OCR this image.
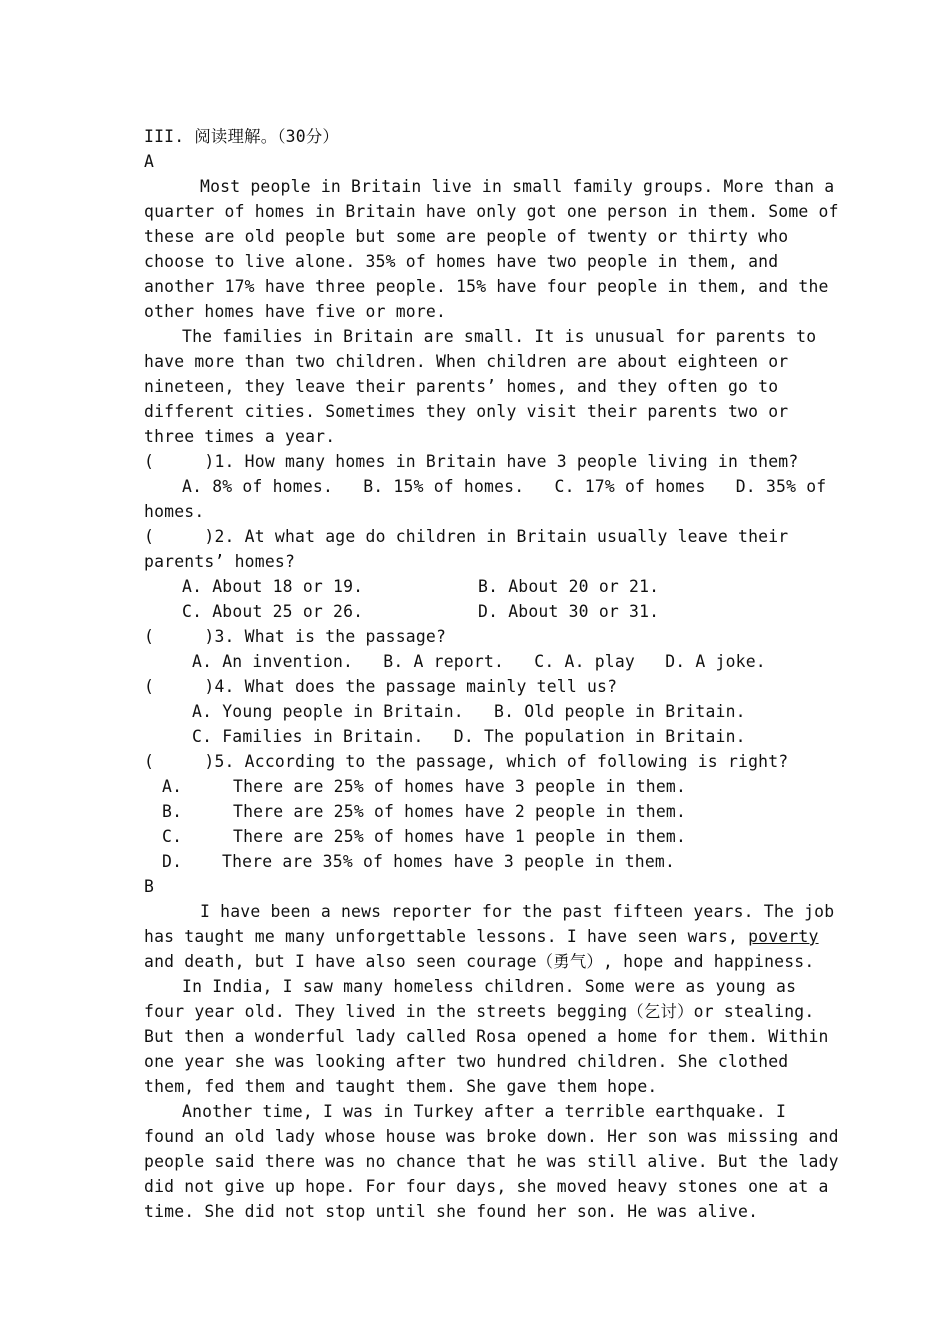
III. 阅读理解。（30分）
A
Most people in Britain live in small family groups. More than a
quarter of homes in Britain have only got one person in them. Some of
these are old people but some are people of twenty or thirty who
choose to live alone. 35% of homes have two people in them, and
another 17% have three people. 15% have four people in them, and the
other homes have five or more.
The families in Britain are small. It is unusual for parents to
have more than two children. When children are about eighteen or
nineteen, they leave their parents’ homes, and they often go to
different cities. Sometimes they only visit their parents two or
three times a year.
(     )1. How many homes in Britain have 3 people living in them?
A. 8% of homes.   B. 15% of homes.   C. 17% of homes   D. 35% of
homes.
(     )2. At what age do children in Britain usually leave their
parents’ homes?
A. About 18 or 19.	B. About 20 or 21.
C. About 25 or 26.	D. About 30 or 31.
(     )3. What is the passage?
A. An invention.   B. A report.   C. A. play   D. A joke.
(     )4. What does the passage mainly tell us?
A. Young people in Britain.   B. Old people in Britain.
C. Families in Britain.   D. The population in Britain.
(     )5. According to the passage, which of following is right?
A.	There are 25% of homes have 3 people in them.
B.	There are 25% of homes have 2 people in them.
C.	There are 25% of homes have 1 people in them.
D. There are 35% of homes have 3 people in them.
B
I have been a news reporter for the past fifteen years. The job
has taught me many unforgettable lessons. I have seen wars, poverty
and death, but I have also seen courage（勇气）, hope and happiness.
In India, I saw many homeless children. Some were as young as
four year old. They lived in the streets begging（乞讨）or stealing.
But then a wonderful lady called Rosa opened a home for them. Within
one year she was looking after two hundred children. She clothed
them, fed them and taught them. She gave them hope.
Another time, I was in Turkey after a terrible earthquake. I
found an old lady whose house was broke down. Her son was missing and
people said there was no chance that he was still alive. But the lady
did not give up hope. For four days, she moved heavy stones one at a
time. She did not stop until she found her son. He was alive.
